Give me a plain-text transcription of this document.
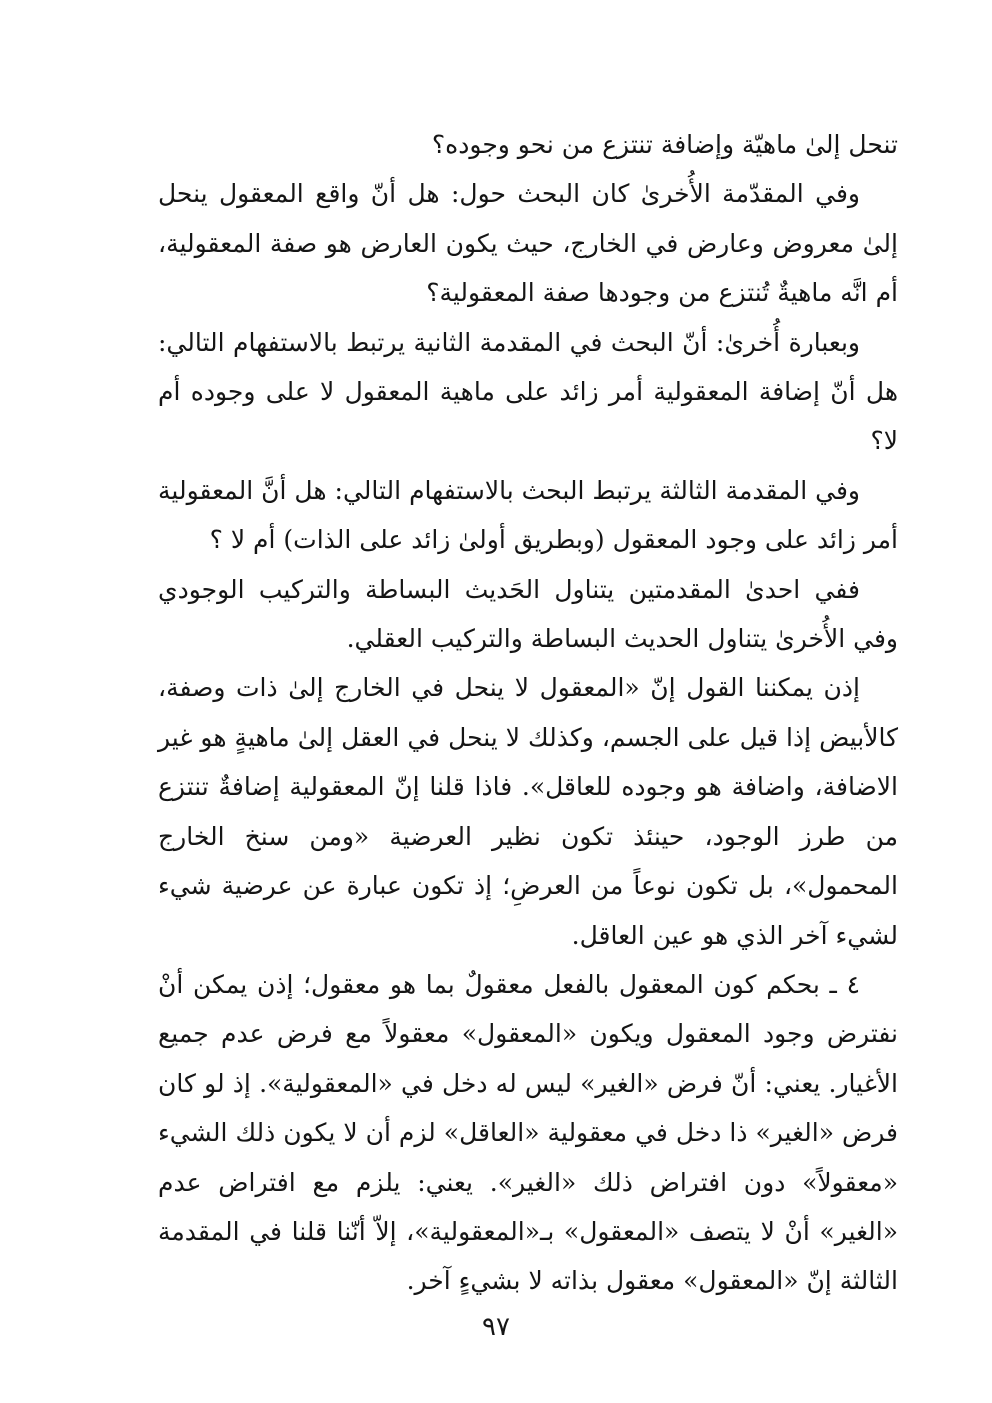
تنحل إلىٰ ماهيّة وإضافة تنتزع من نحو وجوده؟

وفي المقدّمة الأُخرىٰ كان البحث حول: هل أنّ واقع المعقول ينحل إلىٰ معروض وعارض في الخارج، حيث يكون العارض هو صفة المعقولية، أم انَّه ماهيةٌ تُنتزع من وجودها صفة المعقولية؟

وبعبارة أُخرىٰ: أنّ البحث في المقدمة الثانية يرتبط بالاستفهام التالي: هل أنّ إضافة المعقولية أمر زائد على ماهية المعقول لا على وجوده أم لا؟

وفي المقدمة الثالثة يرتبط البحث بالاستفهام التالي: هل أنَّ المعقولية أمر زائد على وجود المعقول (وبطريق أولىٰ زائد على الذات) أم لا ؟

ففي احدىٰ المقدمتين يتناول الحَديث البساطة والتركيب الوجودي وفي الأُخرىٰ يتناول الحديث البساطة والتركيب العقلي.

إذن يمكننا القول إنّ «المعقول لا ينحل في الخارج إلىٰ ذات وصفة، كالأبيض إذا قيل على الجسم، وكذلك لا ينحل في العقل إلىٰ ماهيةٍ هو غير الاضافة، واضافة هو وجوده للعاقل». فاذا قلنا إنّ المعقولية إضافةٌ تنتزع من طرز الوجود، حينئذ تكون نظير العرضية «ومن سنخ الخارج المحمول»، بل تكون نوعاً من العرضِ؛ إذ تكون عبارة عن عرضية شيء لشيء آخر الذي هو عين العاقل.

٤ ـ بحكم كون المعقول بالفعل معقولٌ بما هو معقول؛ إذن يمكن أنْ نفترض وجود المعقول ويكون «المعقول» معقولاً مع فرض عدم جميع الأغيار. يعني: أنّ فرض «الغير» ليس له دخل في «المعقولية». إذ لو كان فرض «الغير» ذا دخل في معقولية «العاقل» لزم أن لا يكون ذلك الشيء «معقولاً» دون افتراض ذلك «الغير». يعني: يلزم مع افتراض عدم «الغير» أنْ لا يتصف «المعقول» بـ«المعقولية»، إلاّ أنّنا قلنا في المقدمة الثالثة إنّ «المعقول» معقول بذاته لا بشيءٍ آخر.

٩٧
